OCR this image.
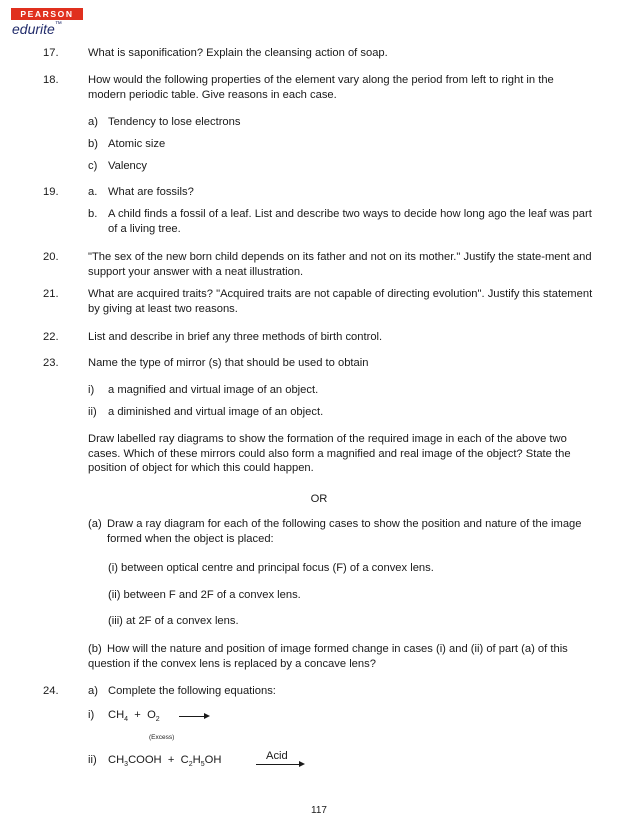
PEARSON
edurite™
17.	What is saponification? Explain the cleansing action of soap.
18.	How would the following properties of the element vary along the period from left to right in the modern periodic table. Give reasons in each case.
a) Tendency to lose electrons
b) Atomic size
c) Valency
19.	a. What are fossils?
b. A child finds a fossil of a leaf. List and describe two ways to decide how long ago the leaf was part of a living tree.
20.	"The sex of the new born child depends on its father and not on its mother." Justify the state-ment and support your answer with a neat illustration.
21.	What are acquired traits? "Acquired traits are not capable of directing evolution". Justify this statement by giving at least two reasons.
22.	List and describe in brief any three methods of birth control.
23.	Name the type of mirror (s) that should be used to obtain
i) a magnified and virtual image of an object.
ii) a diminished and virtual image of an object.
Draw labelled ray diagrams to show the formation of the required image in each of the above two cases. Which of these mirrors could also form a magnified and real image of the object? State the position of object for which this could happen.
OR
(a) Draw a ray diagram for each of the following cases to show the position and nature of the image formed when the object is placed:
(i) between optical centre and principal focus (F) of a convex lens.
(ii) between F and 2F of a convex lens.
(iii) at 2F of a convex lens.
(b) How will the nature and position of image formed change in cases (i) and (ii) of part (a) of this question if the convex lens is replaced by a concave lens?
24.	a) Complete the following equations:
i) $CH_4 + O_2$
(Excess)
ii) $CH_3COOH + C_2H_5OH$	Acid
117
